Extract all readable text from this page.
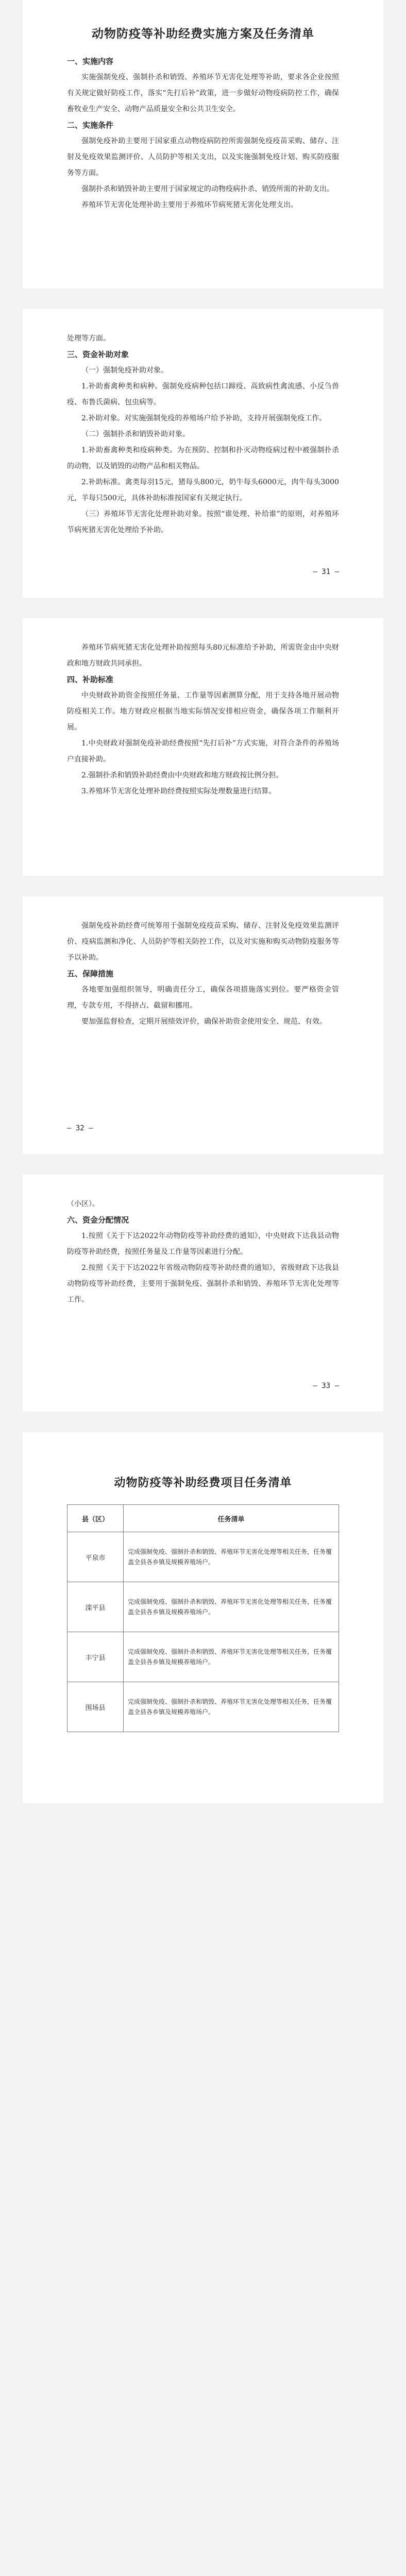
动物防疫等补助经费实施方案及任务清单
一、实施内容
实施强制免疫、强制扑杀和销毁、养殖环节无害化处理等补助，要求各企业按照有关规定做好防疫工作，落实“先打后补”政策，进一步做好动物疫病防控工作，确保畜牧业生产安全、动物产品质量安全和公共卫生安全。
二、实施条件
强制免疫补助主要用于国家重点动物疫病防控所需强制免疫疫苗采购、储存、注射及免疫效果监测评价、人员防护等相关支出，以及实施强制免疫计划、购买防疫服务等方面。
强制扑杀和销毁补助主要用于国家规定的动物疫病扑杀、销毁所需的补助支出。
养殖环节无害化处理补助主要用于养殖环节病死猪无害化处理支出。
处理等方面。
三、资金补助对象
（一）强制免疫补助对象。
1.补助畜禽种类和病种。强制免疫病种包括口蹄疫、高致病性禽流感、小反刍兽疫、布鲁氏菌病、包虫病等。
2.补助对象。对实施强制免疫的养殖场户给予补助，支持开展强制免疫工作。
（二）强制扑杀和销毁补助对象。
1.补助畜禽种类和疫病种类。为在预防、控制和扑灭动物疫病过程中被强制扑杀的动物，以及销毁的动物产品和相关物品。
2.补助标准。禽类每羽15元，猪每头800元，奶牛每头6000元，肉牛每头3000元，羊每只500元，具体补助标准按国家有关规定执行。
（三）养殖环节无害化处理补助对象。按照“谁处理、补给谁”的原则，对养殖环节病死猪无害化处理给予补助。
— 31 —
养殖环节病死猪无害化处理补助按照每头80元标准给予补助，所需资金由中央财政和地方财政共同承担。
四、补助标准
中央财政补助资金按照任务量、工作量等因素测算分配，用于支持各地开展动物防疫相关工作。地方财政应根据当地实际情况安排相应资金，确保各项工作顺利开展。
1.中央财政对强制免疫补助经费按照“先打后补”方式实施，对符合条件的养殖场户直接补助。
2.强制扑杀和销毁补助经费由中央财政和地方财政按比例分担。
3.养殖环节无害化处理补助经费按照实际处理数量进行结算。
强制免疫补助经费可统筹用于强制免疫疫苗采购、储存、注射及免疫效果监测评价、疫病监测和净化、人员防护等相关防控工作，以及对实施和购买动物防疫服务等予以补助。
五、保障措施
各地要加强组织领导，明确责任分工，确保各项措施落实到位。要严格资金管理，专款专用，不得挤占、截留和挪用。
要加强监督检查，定期开展绩效评价，确保补助资金使用安全、规范、有效。
— 32 —
（小区）。
六、资金分配情况
1.按照《关于下达2022年动物防疫等补助经费的通知》，中央财政下达我县动物防疫等补助经费，按照任务量及工作量等因素进行分配。
2.按照《关于下达2022年省级动物防疫等补助经费的通知》，省级财政下达我县动物防疫等补助经费，主要用于强制免疫、强制扑杀和销毁、养殖环节无害化处理等工作。
— 33 —
动物防疫等补助经费项目任务清单
县（区）	任务清单
平泉市	完成强制免疫、强制扑杀和销毁、养殖环节无害化处理等相关任务，任务覆盖全县各乡镇及规模养殖场户。
滦平县	完成强制免疫、强制扑杀和销毁、养殖环节无害化处理等相关任务，任务覆盖全县各乡镇及规模养殖场户。
丰宁县	完成强制免疫、强制扑杀和销毁、养殖环节无害化处理等相关任务，任务覆盖全县各乡镇及规模养殖场户。
围场县	完成强制免疫、强制扑杀和销毁、养殖环节无害化处理等相关任务，任务覆盖全县各乡镇及规模养殖场户。
